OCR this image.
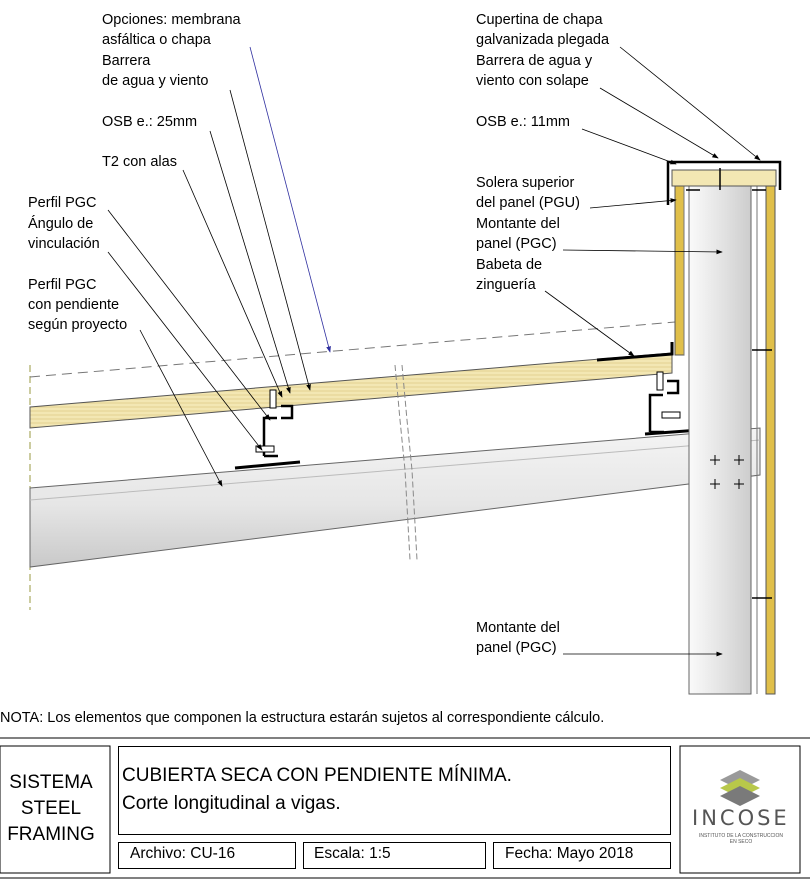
Opciones: membrana
asfáltica o chapa
Barrera
de agua y viento
OSB e.: 25mm
T2 con alas
Perfil PGC
Ángulo de
vinculación
Perfil PGC
con pendiente
según proyecto
Cupertina de chapa
galvanizada plegada
Barrera de agua y
viento con solape
OSB e.: 11mm
Solera superior
del panel (PGU)
Montante del
panel (PGC)
Babeta de
zinguería
Montante del
panel (PGC)
NOTA: Los elementos que componen la estructura estarán sujetos al correspondiente cálculo.
SISTEMA
STEEL
FRAMING
CUBIERTA SECA CON PENDIENTE MÍNIMA.
Corte longitudinal a vigas.
Archivo: CU-16	Escala: 1:5	Fecha: Mayo 2018
INCOSE
INSTITUTO DE LA CONSTRUCCION
EN SECO
